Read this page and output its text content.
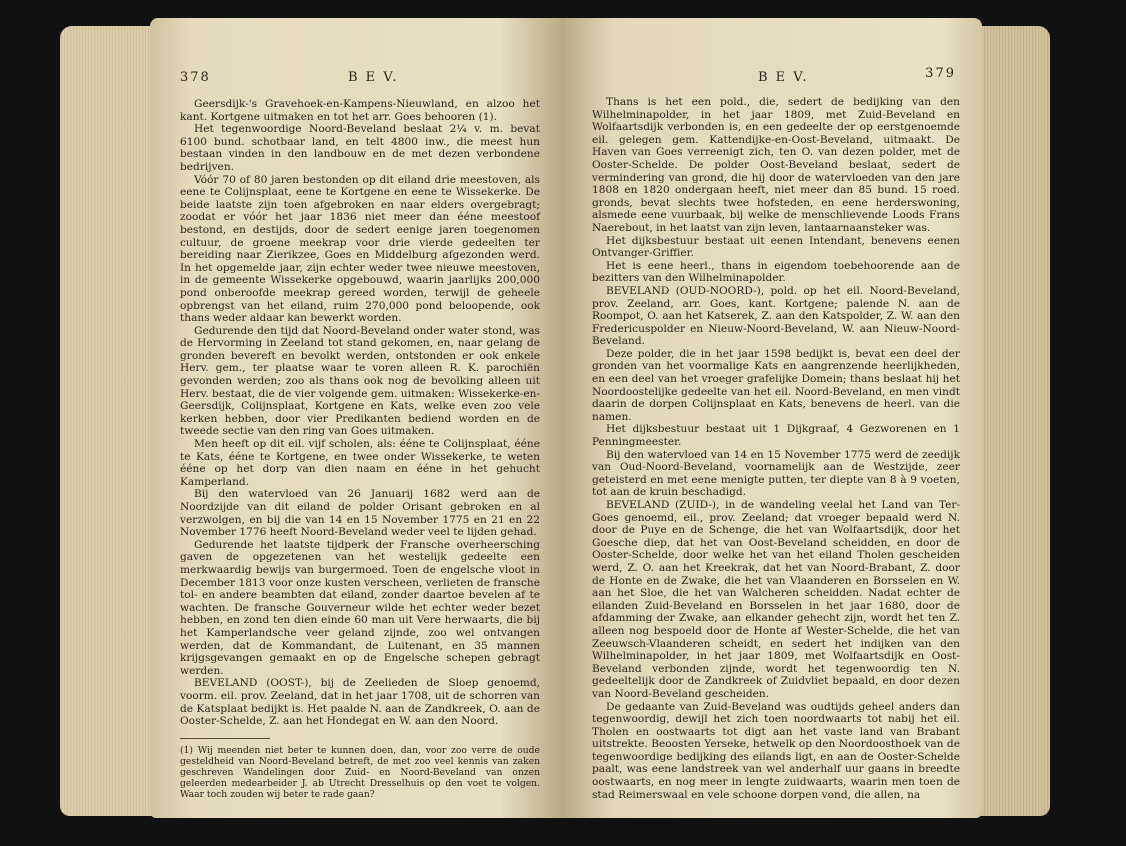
378	B E V.

Geersdijk-'s Gravehoek-en-Kampens-Nieuwland, en alzoo het kant. Kortgene uitmaken en tot het arr. Goes behooren (1).

Het tegenwoordige Noord-Beveland beslaat 2¼ v. m. bevat 6100 bund. schotbaar land, en telt 4800 inw., die meest hun bestaan vinden in den landbouw en de met dezen verbondene bedrijven.

Vóór 70 of 80 jaren bestonden op dit eiland drie meestoven, als eene te Colijnsplaat, eene te Kortgene en eene te Wissekerke. De beide laatste zijn toen afgebroken en naar elders overgebragt; zoodat er vóór het jaar 1836 niet meer dan ééne meestoof bestond, en destijds, door de sedert eenige jaren toegenomen cultuur, de groene meekrap voor drie vierde gedeelten ter bereiding naar Zierikzee, Goes en Middelburg afgezonden werd. In het opgemelde jaar, zijn echter weder twee nieuwe meestoven, in de gemeente Wissekerke opgebouwd, waarin jaarlijks 200,000 pond onberoofde meekrap gereed worden, terwijl de geheele opbrengst van het eiland, ruim 270,000 pond beloopende, ook thans weder aldaar kan bewerkt worden.

Gedurende den tijd dat Noord-Beveland onder water stond, was de Hervorming in Zeeland tot stand gekomen, en, naar gelang de gronden bevereft en bevolkt werden, ontstonden er ook enkele Herv. gem., ter plaatse waar te voren alleen R. K. parochiën gevonden werden; zoo als thans ook nog de bevolking alleen uit Herv. bestaat, die de vier volgende gem. uitmaken: Wissekerke-en-Geersdijk, Colijnsplaat, Kortgene en Kats, welke even zoo vele kerken hebben, door vier Predikanten bediend worden en de tweede sectie van den ring van Goes uitmaken.

Men heeft op dit eil. vijf scholen, als: ééne te Colijnsplaat, ééne te Kats, ééne te Kortgene, en twee onder Wissekerke, te weten ééne op het dorp van dien naam en ééne in het gehucht Kamperland.

Bij den watervloed van 26 Januarij 1682 werd aan de Noordzijde van dit eiland de polder Orisant gebroken en al verzwolgen, en bij die van 14 en 15 November 1775 en 21 en 22 November 1776 heeft Noord-Beveland weder veel te lijden gehad.

Gedurende het laatste tijdperk der Fransche overheersching gaven de opgezetenen van het westelijk gedeelte een merkwaardig bewijs van burgermoed. Toen de engelsche vloot in December 1813 voor onze kusten verscheen, verlieten de fransche tol- en andere beambten dat eiland, zonder daartoe bevelen af te wachten. De fransche Gouverneur wilde het echter weder bezet hebben, en zond ten dien einde 60 man uit Vere herwaarts, die bij het Kamperlandsche veer geland zijnde, zoo wel ontvangen werden, dat de Kommandant, de Luitenant, en 35 mannen krijgsgevangen gemaakt en op de Engelsche schepen gebragt werden.

BEVELAND (OOST-), bij de Zeelieden de Sloep genoemd, voorm. eil. prov. Zeeland, dat in het jaar 1708, uit de schorren van de Katsplaat bedijkt is. Het paalde N. aan de Zandkreek, O. aan de Ooster-Schelde, Z. aan het Hondegat en W. aan den Noord.

(1) Wij meenden niet beter te kunnen doen, dan, voor zoo verre de oude gesteldheid van Noord-Beveland betreft, de met zoo veel kennis van zaken geschreven Wandelingen door Zuid- en Noord-Beveland van onzen geleerden medearbeider J. ab Utrecht Dresselhuis op den voet te volgen. Waar toch zouden wij beter te rade gaan?

B E V.	379

Thans is het een pold., die, sedert de bedijking van den Wilhelminapolder, in het jaar 1809, met Zuid-Beveland en Wolfaartsdijk verbonden is, en een gedeelte der op eerstgenoemde eil. gelegen gem. Kattendijke-en-Oost-Beveland, uitmaakt. De Haven van Goes verreenigt zich, ten O. van dezen polder, met de Ooster-Schelde. De polder Oost-Beveland beslaat, sedert de vermindering van grond, die hij door de watervloeden van den jare 1808 en 1820 ondergaan heeft, niet meer dan 85 bund. 15 roed. gronds, bevat slechts twee hofsteden, en eene herderswoning, alsmede eene vuurbaak, bij welke de menschlievende Loods Frans Naerebout, in het laatst van zijn leven, lantaarnaansteker was.

Het dijksbestuur bestaat uit eenen Intendant, benevens eenen Ontvanger-Griffier.

Het is eene heerl., thans in eigendom toebehoorende aan de bezitters van den Wilhelminapolder.

BEVELAND (OUD-NOORD-), pold. op het eil. Noord-Beveland, prov. Zeeland, arr. Goes, kant. Kortgene; palende N. aan de Roompot, O. aan het Katserek, Z. aan den Katspolder, Z. W. aan den Fredericuspolder en Nieuw-Noord-Beveland, W. aan Nieuw-Noord-Beveland.

Deze polder, die in het jaar 1598 bedijkt is, bevat een deel der gronden van het voormalige Kats en aangrenzende heerlijkheden, en een deel van het vroeger grafelijke Domein; thans beslaat hij het Noordoostelijke gedeelte van het eil. Noord-Beveland, en men vindt daarin de dorpen Colijnsplaat en Kats, benevens de heerl. van die namen.

Het dijksbestuur bestaat uit 1 Dijkgraaf, 4 Gezworenen en 1 Penningmeester.

Bij den watervloed van 14 en 15 November 1775 werd de zeedijk van Oud-Noord-Beveland, voornamelijk aan de Westzijde, zeer geteisterd en met eene menigte putten, ter diepte van 8 à 9 voeten, tot aan de kruin beschadigd.

BEVELAND (ZUID-), in de wandeling veelal het Land van Ter-Goes genoemd, eil., prov. Zeeland; dat vroeger bepaald werd N. door de Puye en de Schenge, die het van Wolfaartsdijk, door het Goesche diep, dat het van Oost-Beveland scheidden, en door de Ooster-Schelde, door welke het van het eiland Tholen gescheiden werd, Z. O. aan het Kreekrak, dat het van Noord-Brabant, Z. door de Honte en de Zwake, die het van Vlaanderen en Borsselen en W. aan het Sloe, die het van Walcheren scheidden. Nadat echter de eilanden Zuid-Beveland en Borsselen in het jaar 1680, door de afdamming der Zwake, aan elkander gehecht zijn, wordt het ten Z. alleen nog bespoeld door de Honte af Wester-Schelde, die het van Zeeuwsch-Vlaanderen scheidt, en sedert het indijken van den Wilhelminapolder, in het jaar 1809, met Wolfaartsdijk en Oost-Beveland verbonden zijnde, wordt het tegenwoordig ten N. gedeeltelijk door de Zandkreek of Zuidvliet bepaald, en door dezen van Noord-Beveland gescheiden.

De gedaante van Zuid-Beveland was oudtijds geheel anders dan tegenwoordig, dewijl het zich toen noordwaarts tot nabij het eil. Tholen en oostwaarts tot digt aan het vaste land van Brabant uitstrekte. Beoosten Yerseke, hetwelk op den Noordoosthoek van de tegenwoordige bedijking des eilands ligt, en aan de Ooster-Schelde paalt, was eene landstreek van wel anderhalf uur gaans in breedte oostwaarts, en nog meer in lengte zuidwaarts, waarin men toen de stad Reimerswaal en vele schoone dorpen vond, die allen, na
